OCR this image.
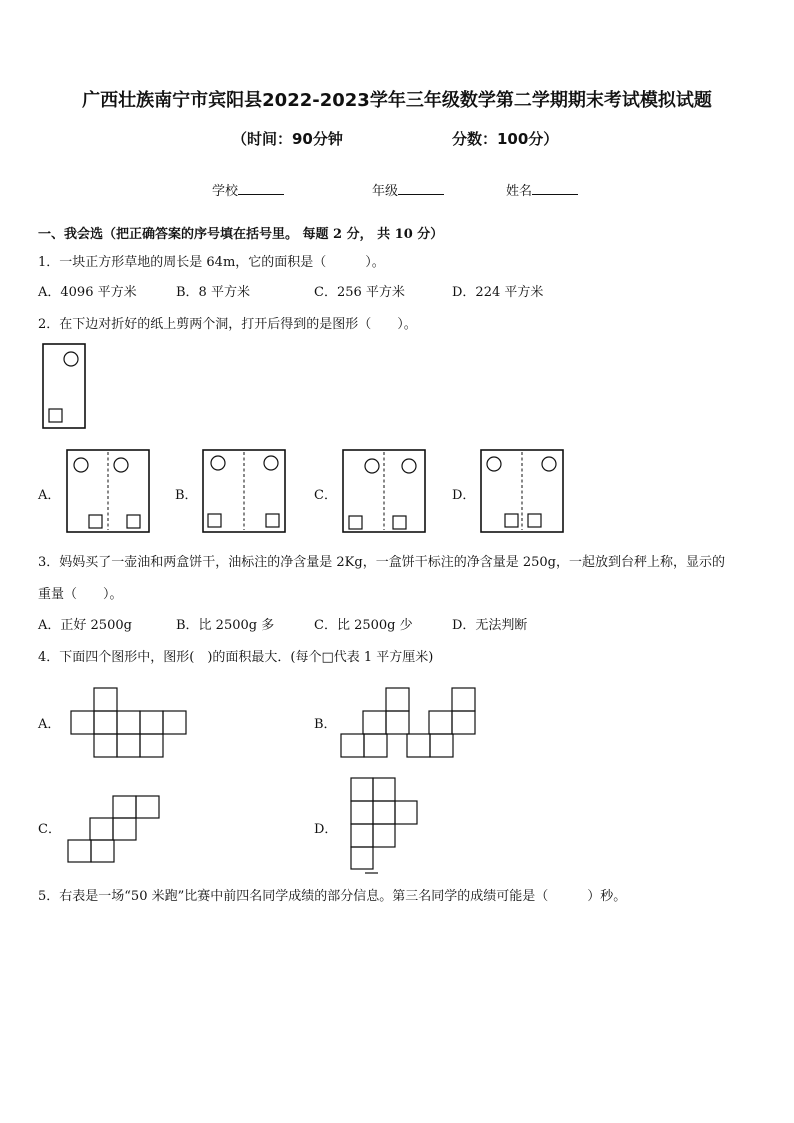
广西壮族南宁市宾阳县2022-2023学年三年级数学第二学期期末考试模拟试题
（时间：90分钟	分数：100分）
学校	年级	姓名
一、我会选（把正确答案的序号填在括号里。 每题 2 分， 共 10 分）
1．一块正方形草地的周长是 64m，它的面积是（　　　）。
A．4096 平方米	B．8 平方米	C．256 平方米	D．224 平方米
2．在下边对折好的纸上剪两个洞，打开后得到的是图形（　　）。
A．	B．	C．	D．
3．妈妈买了一壶油和两盒饼干，油标注的净含量是 2Kg，一盒饼干标注的净含量是 250g，一起放到台秤上称，显示的
重量（　　）。
A．正好 2500g	B．比 2500g 多	C．比 2500g 少	D．无法判断
4．下面四个图形中，图形(　)的面积最大．(每个□代表 1 平方厘米)
A．	B．
C．	D．
5．右表是一场“50 米跑”比赛中前四名同学成绩的部分信息。第三名同学的成绩可能是（　　　）秒。
